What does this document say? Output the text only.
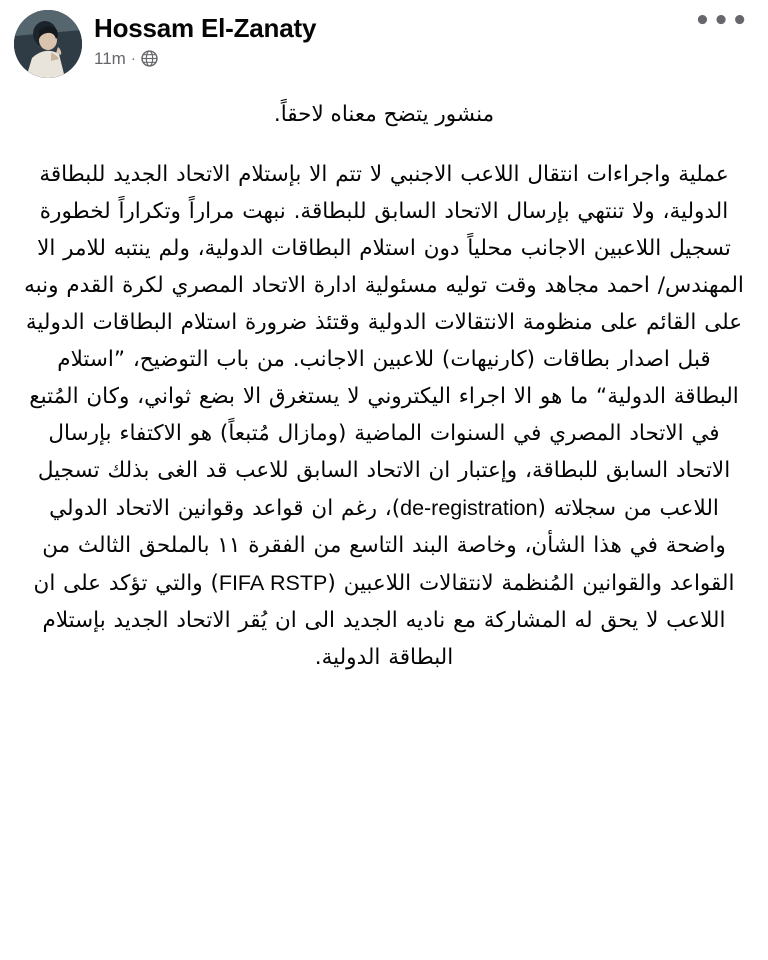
Hossam El-Zanaty
11m ·
•••

منشور يتضح معناه لاحقاً.

عملية واجراءات انتقال اللاعب الاجنبي لا تتم الا بإستلام الاتحاد الجديد للبطاقة الدولية، ولا تنتهي بإرسال الاتحاد السابق للبطاقة. نبهت مراراً وتكراراً لخطورة تسجيل اللاعبين الاجانب محلياً دون استلام البطاقات الدولية، ولم ينتبه للامر الا المهندس/ احمد مجاهد وقت توليه مسئولية ادارة الاتحاد المصري لكرة القدم ونبه على القائم على منظومة الانتقالات الدولية وقتئذ ضرورة استلام البطاقات الدولية قبل اصدار بطاقات (كارنيهات) للاعبين الاجانب. من باب التوضيح، ”استلام البطاقة الدولية“ ما هو الا اجراء اليكتروني لا يستغرق الا بضع ثواني، وكان المُتبع في الاتحاد المصري في السنوات الماضية (ومازال مُتبعاً) هو الاكتفاء بإرسال الاتحاد السابق للبطاقة، وإعتبار ان الاتحاد السابق للاعب قد الغى بذلك تسجيل اللاعب من سجلاته (de-registration)، رغم ان قواعد وقوانين الاتحاد الدولي واضحة في هذا الشأن، وخاصة البند التاسع من الفقرة ١١ بالملحق الثالث من القواعد والقوانين المُنظمة لانتقالات اللاعبين (FIFA RSTP) والتي تؤكد على ان اللاعب لا يحق له المشاركة مع ناديه الجديد الى ان يُقر الاتحاد الجديد بإستلام البطاقة الدولية.
